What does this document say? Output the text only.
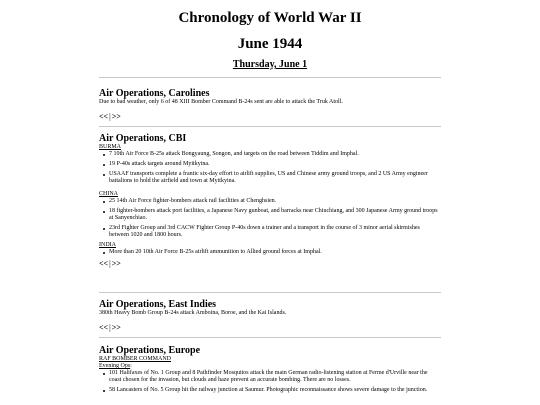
Chronology of World War II
June 1944
Thursday, June 1

Air Operations, Carolines

Due to bad weather, only 6 of 48 XIII Bomber Command B-24s sent are able to attack the Truk Atoll.

<<|>>

Air Operations, CBI

BURMA

7 10th Air Force B-25s attack Bongyaung, Songon, and targets on the road between Tiddim and Imphal.
19 P-40s attack targets around Myitkyina.
USAAF transports complete a frantic six-day effort to airlift supplies, US and Chinese army ground troops, and 2 US Army engineer battalions to hold the airfield and town at Myitkyina.

CHINA

25 14th Air Force fighter-bombers attack rail facilities at Chenghsien.
18 fighter-bombers attack port facilities, a Japanese Navy gunboat, and barracks near Chiuchiang, and 300 Japanese Army ground troops at Sanyenchiao.
23rd Fighter Group and 3rd CACW Fighter Group P-40s down a trainer and a transport in the course of 3 minor aerial skirmishes between 1020 and 1800 hours.

INDIA

More than 20 10th Air Force B-25s airlift ammunition to Allied ground forces at Imphal.
<<|>>

Air Operations, East Indies

380th Heavy Bomb Group B-24s attack Amboina, Boroe, and the Kai Islands.

<<|>>

Air Operations, Europe

RAF BOMBER COMMAND

Evening Ops:

101 Halifaxes of No. 1 Group and 8 Pathfinder Mosquitos attack the main German radio-listening station at Ferme d'Urville near the coast chosen for the invasion, but clouds and haze prevent an accurate bombing. There are no losses.
58 Lancasters of No. 5 Group hit the railway junction at Saumur. Photographic reconnaissance shows severe damage to the junction.
